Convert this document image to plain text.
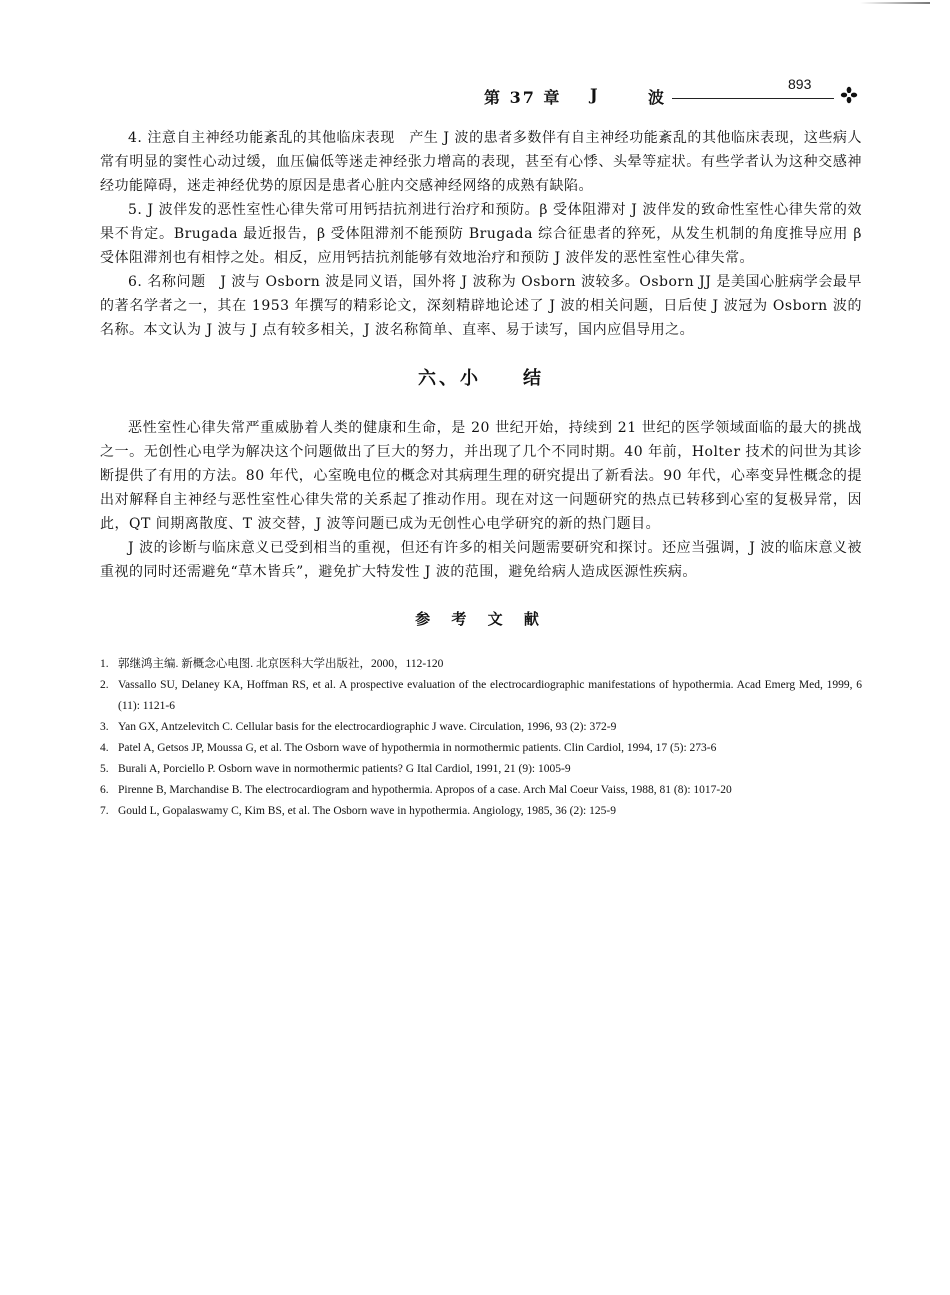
第 37 章 J	波
893

4. 注意自主神经功能紊乱的其他临床表现　产生 J 波的患者多数伴有自主神经功能紊乱的其他临床表现，这些病人常有明显的窦性心动过缓，血压偏低等迷走神经张力增高的表现，甚至有心悸、头晕等症状。有些学者认为这种交感神经功能障碍，迷走神经优势的原因是患者心脏内交感神经网络的成熟有缺陷。

5. J 波伴发的恶性室性心律失常可用钙拮抗剂进行治疗和预防。β 受体阻滞对 J 波伴发的致命性室性心律失常的效果不肯定。Brugada 最近报告，β 受体阻滞剂不能预防 Brugada 综合征患者的猝死，从发生机制的角度推导应用 β 受体阻滞剂也有相悖之处。相反，应用钙拮抗剂能够有效地治疗和预防 J 波伴发的恶性室性心律失常。

6. 名称问题　J 波与 Osborn 波是同义语，国外将 J 波称为 Osborn 波较多。Osborn JJ 是美国心脏病学会最早的著名学者之一，其在 1953 年撰写的精彩论文，深刻精辟地论述了 J 波的相关问题，日后使 J 波冠为 Osborn 波的名称。本文认为 J 波与 J 点有较多相关，J 波名称简单、直率、易于读写，国内应倡导用之。

六、小　　结

恶性室性心律失常严重威胁着人类的健康和生命，是 20 世纪开始，持续到 21 世纪的医学领域面临的最大的挑战之一。无创性心电学为解决这个问题做出了巨大的努力，并出现了几个不同时期。40 年前，Holter 技术的问世为其诊断提供了有用的方法。80 年代，心室晚电位的概念对其病理生理的研究提出了新看法。90 年代，心率变异性概念的提出对解释自主神经与恶性室性心律失常的关系起了推动作用。现在对这一问题研究的热点已转移到心室的复极异常，因此，QT 间期离散度、T 波交替，J 波等问题已成为无创性心电学研究的新的热门题目。

J 波的诊断与临床意义已受到相当的重视，但还有许多的相关问题需要研究和探讨。还应当强调，J 波的临床意义被重视的同时还需避免“草木皆兵”，避免扩大特发性 J 波的范围，避免给病人造成医源性疾病。

参 考 文 献
1. 郭继鸿主编. 新概念心电图. 北京医科大学出版社，2000，112-120
2. Vassallo SU, Delaney KA, Hoffman RS, et al. A prospective evaluation of the electrocardiographic manifestations of hypothermia. Acad Emerg Med, 1999, 6 (11): 1121-6
3. Yan GX, Antzelevitch C. Cellular basis for the electrocardiographic J wave. Circulation, 1996, 93 (2): 372-9
4. Patel A, Getsos JP, Moussa G, et al. The Osborn wave of hypothermia in normothermic patients. Clin Cardiol, 1994, 17 (5): 273-6
5. Burali A, Porciello P. Osborn wave in normothermic patients? G Ital Cardiol, 1991, 21 (9): 1005-9
6. Pirenne B, Marchandise B. The electrocardiogram and hypothermia. Apropos of a case. Arch Mal Coeur Vaiss, 1988, 81 (8): 1017-20
7. Gould L, Gopalaswamy C, Kim BS, et al. The Osborn wave in hypothermia. Angiology, 1985, 36 (2): 125-9
